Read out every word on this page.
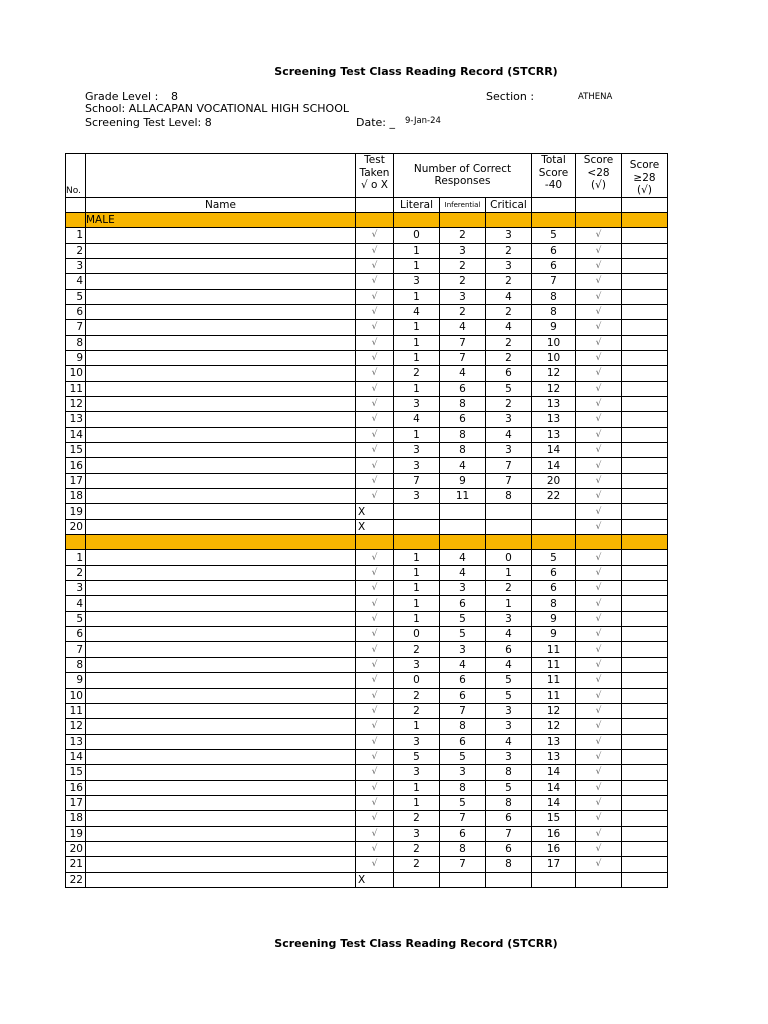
Screening Test Class Reading Record (STCRR)
Grade Level : 8	Section :	ATHENA
School: ALLACAPAN VOCATIONAL HIGH SCHOOL
Screening Test Level: 8	Date: _ 9-Jan-24
No.		Test
Taken
√ o X	Number of Correct
Responses			Total
Score
-40	Score
<28
(√)	Score
≥28
(√)

	Name		Literal	Inferential	Critical			
	MALE							
1		√	0	2	3	5	√	
2		√	1	3	2	6	√	
3		√	1	2	3	6	√	
4		√	3	2	2	7	√	
5		√	1	3	4	8	√	
6		√	4	2	2	8	√	
7		√	1	4	4	9	√	
8		√	1	7	2	10	√	
9		√	1	7	2	10	√	
10		√	2	4	6	12	√	
11		√	1	6	5	12	√	
12		√	3	8	2	13	√	
13		√	4	6	3	13	√	
14		√	1	8	4	13	√	
15		√	3	8	3	14	√	
16		√	3	4	7	14	√	
17		√	7	9	7	20	√	
18		√	3	11	8	22	√	
19		X					√	
20		X					√	

1		√	1	4	0	5	√	
2		√	1	4	1	6	√	
3		√	1	3	2	6	√	
4		√	1	6	1	8	√	
5		√	1	5	3	9	√	
6		√	0	5	4	9	√	
7		√	2	3	6	11	√	
8		√	3	4	4	11	√	
9		√	0	6	5	11	√	
10		√	2	6	5	11	√	
11		√	2	7	3	12	√	
12		√	1	8	3	12	√	
13		√	3	6	4	13	√	
14		√	5	5	3	13	√	
15		√	3	3	8	14	√	
16		√	1	8	5	14	√	
17		√	1	5	8	14	√	
18		√	2	7	6	15	√	
19		√	3	6	7	16	√	
20		√	2	8	6	16	√	
21		√	2	7	8	17	√	
22		X						
Screening Test Class Reading Record (STCRR)
